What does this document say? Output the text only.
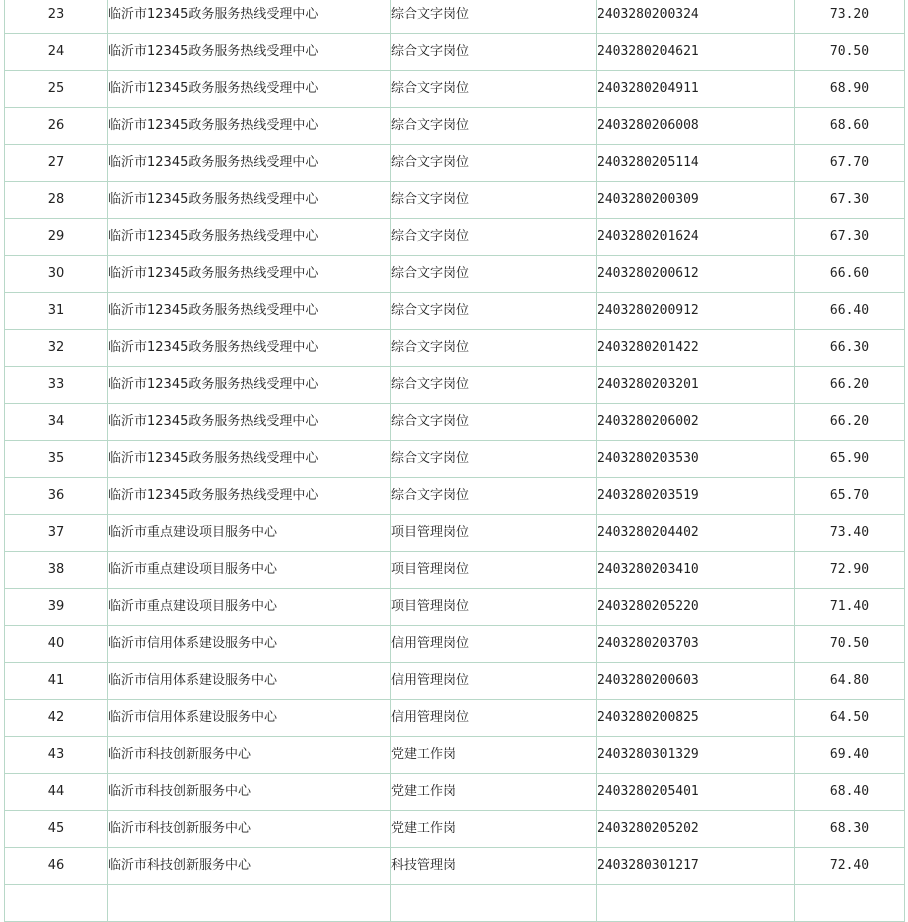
23	临沂市12345政务服务热线受理中心	综合文字岗位	2403280200324	73.20
24	临沂市12345政务服务热线受理中心	综合文字岗位	2403280204621	70.50
25	临沂市12345政务服务热线受理中心	综合文字岗位	2403280204911	68.90
26	临沂市12345政务服务热线受理中心	综合文字岗位	2403280206008	68.60
27	临沂市12345政务服务热线受理中心	综合文字岗位	2403280205114	67.70
28	临沂市12345政务服务热线受理中心	综合文字岗位	2403280200309	67.30
29	临沂市12345政务服务热线受理中心	综合文字岗位	2403280201624	67.30
30	临沂市12345政务服务热线受理中心	综合文字岗位	2403280200612	66.60
31	临沂市12345政务服务热线受理中心	综合文字岗位	2403280200912	66.40
32	临沂市12345政务服务热线受理中心	综合文字岗位	2403280201422	66.30
33	临沂市12345政务服务热线受理中心	综合文字岗位	2403280203201	66.20
34	临沂市12345政务服务热线受理中心	综合文字岗位	2403280206002	66.20
35	临沂市12345政务服务热线受理中心	综合文字岗位	2403280203530	65.90
36	临沂市12345政务服务热线受理中心	综合文字岗位	2403280203519	65.70
37	临沂市重点建设项目服务中心	项目管理岗位	2403280204402	73.40
38	临沂市重点建设项目服务中心	项目管理岗位	2403280203410	72.90
39	临沂市重点建设项目服务中心	项目管理岗位	2403280205220	71.40
40	临沂市信用体系建设服务中心	信用管理岗位	2403280203703	70.50
41	临沂市信用体系建设服务中心	信用管理岗位	2403280200603	64.80
42	临沂市信用体系建设服务中心	信用管理岗位	2403280200825	64.50
43	临沂市科技创新服务中心	党建工作岗	2403280301329	69.40
44	临沂市科技创新服务中心	党建工作岗	2403280205401	68.40
45	临沂市科技创新服务中心	党建工作岗	2403280205202	68.30
46	临沂市科技创新服务中心	科技管理岗	2403280301217	72.40
